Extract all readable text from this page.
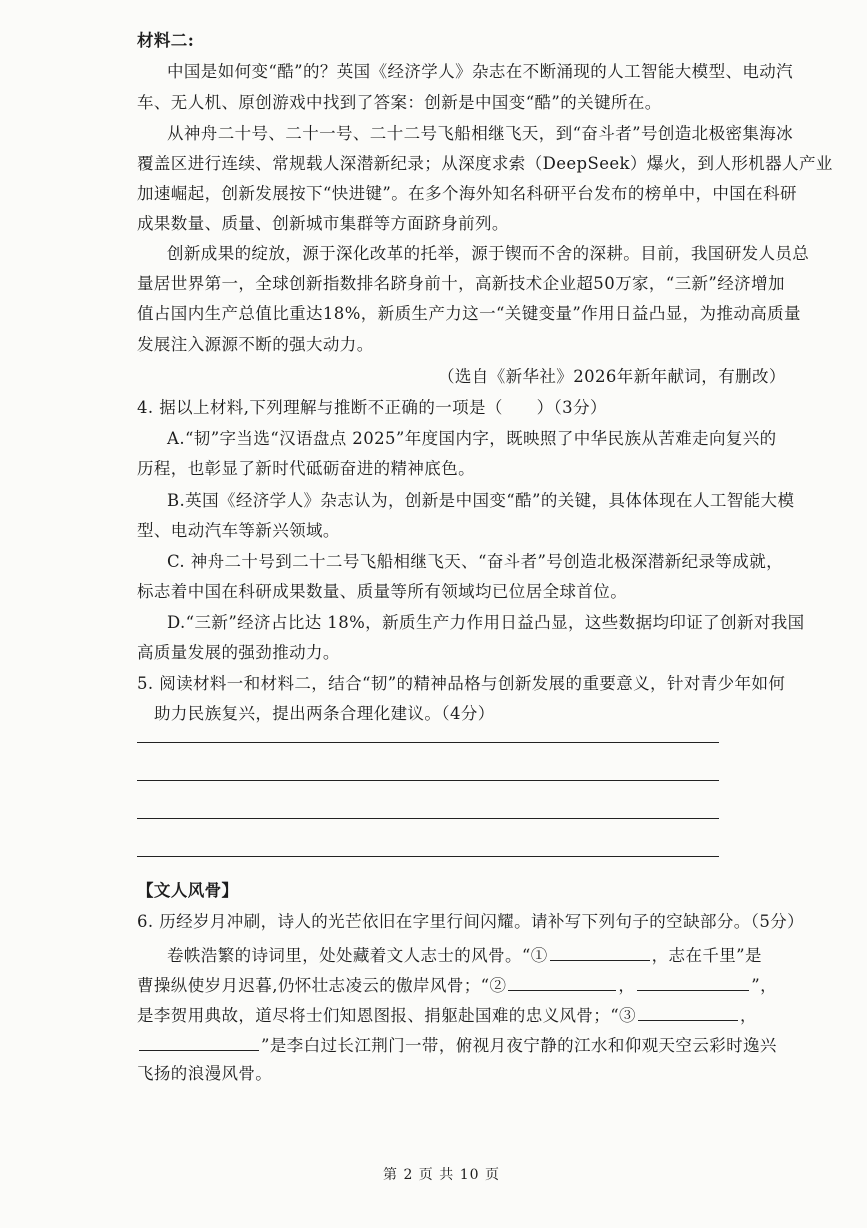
材料二:
中国是如何变“酷”的？英国《经济学人》杂志在不断涌现的人工智能大模型、电动汽
车、无人机、原创游戏中找到了答案：创新是中国变“酷”的关键所在。
从神舟二十号、二十一号、二十二号飞船相继飞天，到“奋斗者”号创造北极密集海冰
覆盖区进行连续、常规载人深潜新纪录；从深度求索（DeepSeek）爆火，到人形机器人产业
加速崛起，创新发展按下“快进键”。在多个海外知名科研平台发布的榜单中，中国在科研
成果数量、质量、创新城市集群等方面跻身前列。
创新成果的绽放，源于深化改革的托举，源于锲而不舍的深耕。目前，我国研发人员总
量居世界第一，全球创新指数排名跻身前十，高新技术企业超50万家，“三新”经济增加
值占国内生产总值比重达18%，新质生产力这一“关键变量”作用日益凸显，为推动高质量
发展注入源源不断的强大动力。
（选自《新华社》2026年新年献词，有删改）
4. 据以上材料,下列理解与推断不正确的一项是（　　）（3分）
A.“韧”字当选“汉语盘点 2025”年度国内字，既映照了中华民族从苦难走向复兴的
历程，也彰显了新时代砥砺奋进的精神底色。
B.英国《经济学人》杂志认为，创新是中国变“酷”的关键，具体体现在人工智能大模
型、电动汽车等新兴领域。
C. 神舟二十号到二十二号飞船相继飞天、“奋斗者”号创造北极深潜新纪录等成就，
标志着中国在科研成果数量、质量等所有领域均已位居全球首位。
D.“三新”经济占比达 18%，新质生产力作用日益凸显，这些数据均印证了创新对我国
高质量发展的强劲推动力。
5. 阅读材料一和材料二，结合“韧”的精神品格与创新发展的重要意义，针对青少年如何
助力民族复兴，提出两条合理化建议。（4分）
【文人风骨】
6. 历经岁月冲刷，诗人的光芒依旧在字里行间闪耀。请补写下列句子的空缺部分。（5分）
卷帙浩繁的诗词里，处处藏着文人志士的风骨。“①	，志在千里”是
曹操纵使岁月迟暮,仍怀壮志凌云的傲岸风骨；“②	，	”，
是李贺用典故，道尽将士们知恩图报、捐躯赴国难的忠义风骨；“③	，
”是李白过长江荆门一带，俯视月夜宁静的江水和仰观天空云彩时逸兴
飞扬的浪漫风骨。
第 2 页 共 10 页
